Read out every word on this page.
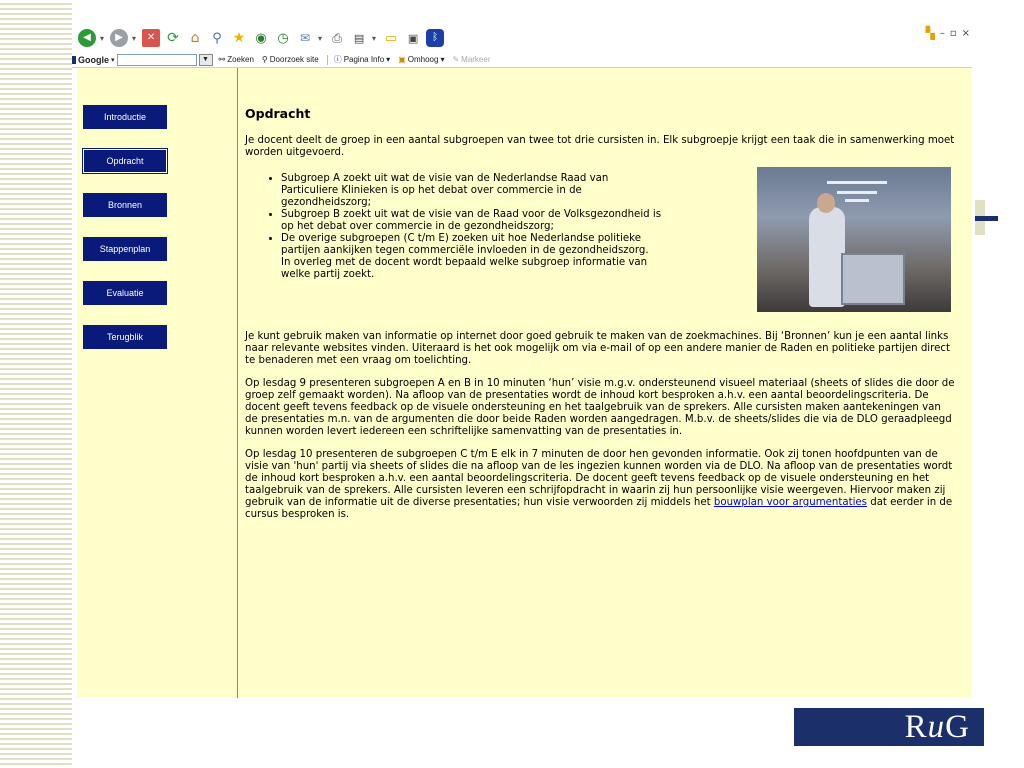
◀	▾	▶	▾	✕ ⟳ ⌂ ⚲ ★ ◉ ◷ ✉ ▾ ⎙	▤ ▾ ▭ ▣	ᛒ	▚ – ▫ ×
Google ▾	▼	⚯ Zoeken ⚲ Doorzoek site ⓘ Pagina Info ▾ ▣ Omhoog ▾ ✎ Markeer
Introductie
Opdracht
Bronnen
Stappenplan
Evaluatie
Terugblik
Opdracht

Je docent deelt de groep in een aantal subgroepen van twee tot drie cursisten in. Elk subgroepje krijgt een taak die in samenwerking moet worden uitgevoerd.

• Subgroep A zoekt uit wat de visie van de Nederlandse Raad van Particuliere Klinieken is op het debat over commercie in de gezondheidszorg;
• Subgroep B zoekt uit wat de visie van de Raad voor de Volksgezondheid is op het debat over commercie in de gezondheidszorg;
• De overige subgroepen (C t/m E) zoeken uit hoe Nederlandse politieke partijen aankijken tegen commerciële invloeden in de gezondheidszorg. In overleg met de docent wordt bepaald welke subgroep informatie van welke partij zoekt.

Je kunt gebruik maken van informatie op internet door goed gebruik te maken van de zoekmachines. Bij ‘Bronnen’ kun je een aantal links naar relevante websites vinden. Uiteraard is het ook mogelijk om via e-mail of op een andere manier de Raden en politieke partijen direct te benaderen met een vraag om toelichting.

Op lesdag 9 presenteren subgroepen A en B in 10 minuten ‘hun’ visie m.g.v. ondersteunend visueel materiaal (sheets of slides die door de groep zelf gemaakt worden). Na afloop van de presentaties wordt de inhoud kort besproken a.h.v. een aantal beoordelingscriteria. De docent geeft tevens feedback op de visuele ondersteuning en het taalgebruik van de sprekers. Alle cursisten maken aantekeningen van de presentaties m.n. van de argumenten die door beide Raden worden aangedragen. M.b.v. de sheets/slides die via de DLO geraadpleegd kunnen worden levert iedereen een schriftelijke samenvatting van de presentaties in.

Op lesdag 10 presenteren de subgroepen C t/m E elk in 7 minuten de door hen gevonden informatie. Ook zij tonen hoofdpunten van de visie van 'hun' partij via sheets of slides die na afloop van de les ingezien kunnen worden via de DLO. Na afloop van de presentaties wordt de inhoud kort besproken a.h.v. een aantal beoordelingscriteria. De docent geeft tevens feedback op de visuele ondersteuning en het taalgebruik van de sprekers. Alle cursisten leveren een schrijfopdracht in waarin zij hun persoonlijke visie weergeven. Hiervoor maken zij gebruik van de informatie uit de diverse presentaties; hun visie verwoorden zij middels het bouwplan voor argumentaties dat eerder in de cursus besproken is.

R u G
